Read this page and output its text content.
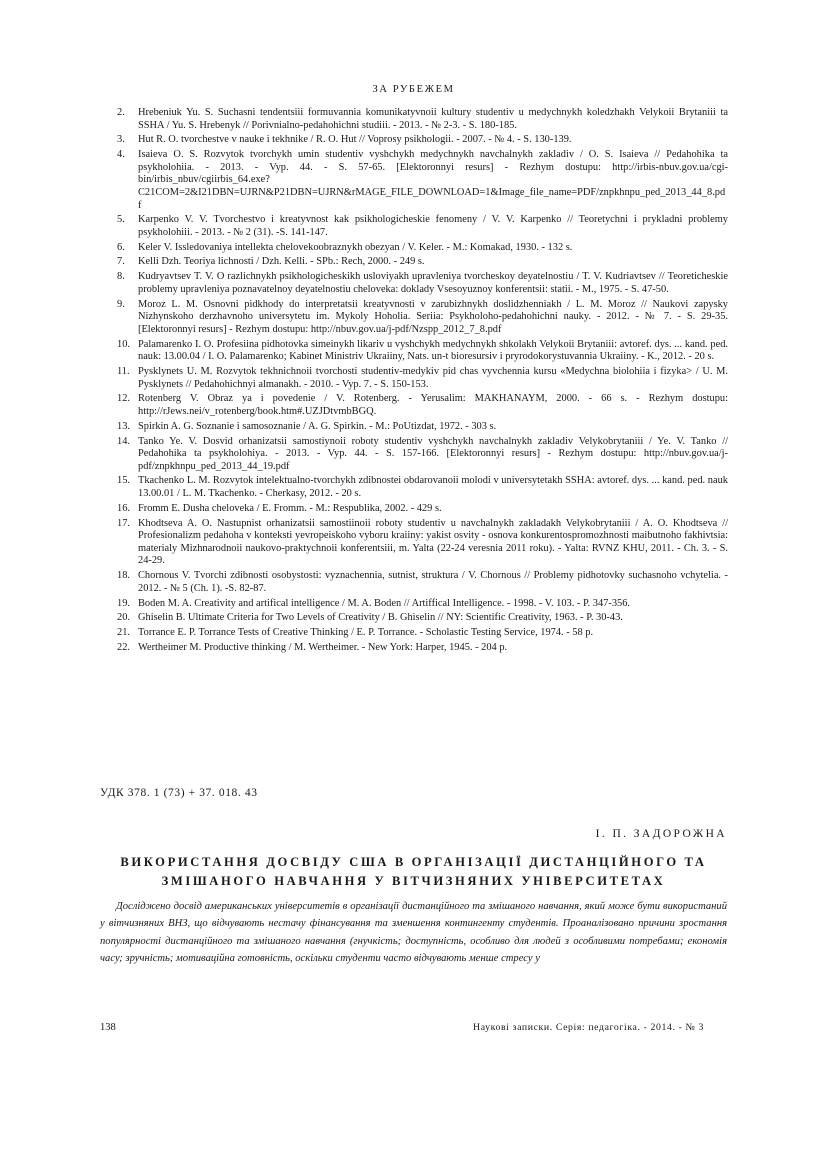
ЗА РУБЕЖЕМ
2. Hrebeniuk Yu. S. Suchasni tendentsiii formuvannia komunikatyvnoii kultury studentiv u medychnykh koledzhakh Velykoii Brytaniii ta SSHA / Yu. S. Hrebenyk // Porivnialno-pedahohichni studiii. - 2013. - № 2-3. - S. 180-185.
3. Hut R. O. tvorchestve v nauke i tekhnike / R. O. Hut // Voprosy psikhologii. - 2007. - № 4. - S. 130-139.
4. Isaieva O. S. Rozvytok tvorchykh umin studentiv vyshchykh medychnykh navchalnykh zakladiv / O. S. Isaieva // Pedahohika ta psykholohiia. - 2013. - Vyp. 44. - S. 57-65. [Elektoronnyi resurs] - Rezhym dostupu: http://irbis-nbuv.gov.ua/cgi-bin/irbis_nbuv/cgiirbis_64.exe?C21COM=2&I21DBN=UJRN&P21DBN=UJRN&rMAGE_FILE_DOWNLOAD=1&Image_file_name=PDF/znpkhnpu_ped_2013_44_8.pdf
5. Karpenko V. V. Tvorchestvo i kreatyvnost kak psikhologicheskie fenomeny / V. V. Karpenko // Teoretychni i prykladni problemy psykholohiii. - 2013. - № 2 (31). -S. 141-147.
6. Keler V. Issledovaniya intellekta chelovekoobraznykh obezyan / V. Keler. - M.: Komakad, 1930. - 132 s.
7. Kelli Dzh. Teoriya lichnosti / Dzh. Kelli. - SPb.: Rech, 2000. - 249 s.
8. Kudryavtsev T. V. O razlichnykh psikhologicheskikh usloviyakh upravleniya tvorcheskoy deyatelnostiu / T. V. Kudriavtsev // Teoreticheskie problemy upravleniya poznavatelnoy deyatelnostiu cheloveka: doklady Vsesoyuznoy konferentsii: statii. - M., 1975. - S. 47-50.
9. Moroz L. M. Osnovni pidkhody do interpretatsii kreatyvnosti v zarubizhnykh doslidzhenniakh / L. M. Moroz // Naukovi zapysky Nizhynskoho derzhavnoho universytetu im. Mykoly Hoholia. Seriia: Psykholoho-pedahohichni nauky. - 2012. - № 7. - S. 29-35. [Elektoronnyi resurs] - Rezhym dostupu: http://nbuv.gov.ua/j-pdf/Nzspp_2012_7_8.pdf
10. Palamarenko I. O. Profesiina pidhotovka simeinykh likariv u vyshchykh medychnykh shkolakh Velykoii Brytaniii: avtoref. dys. ... kand. ped. nauk: 13.00.04 / I. O. Palamarenko; Kabinet Ministriv Ukraiiny, Nats. un-t bioresursiv i pryrodokorystuvannia Ukraiiny. - K., 2012. - 20 s.
11. Pysklynets U. M. Rozvytok tekhnichnoii tvorchosti studentiv-medykiv pid chas vyvchennia kursu «Medychna biolohiia i fizyka> / U. M. Pysklynets // Pedahohichnyi almanakh. - 2010. - Vyp. 7. - S. 150-153.
12. Rotenberg V. Obraz ya i povedenie / V. Rotenberg. - Yerusalim: MAKHANAYM, 2000. - 66 s. - Rezhym dostupu: http://rJews.nei/v_rotenberg/book.htm#.UZJDtvmbBGQ.
13. Spirkin A. G. Soznanie i samosoznanie / A. G. Spirkin. - M.: PoUtizdat, 1972. - 303 s.
14. Tanko Ye. V. Dosvid orhanizatsii samostiynoii roboty studentiv vyshchykh navchalnykh zakladiv Velykobrytaniii / Ye. V. Tanko // Pedahohika ta psykholohiya. - 2013. - Vyp. 44. - S. 157-166. [Elektoronnyi resurs] - Rezhym dostupu: http://nbuv.gov.ua/j-pdf/znpkhnpu_ped_2013_44_19.pdf
15. Tkachenko L. M. Rozvytok intelektualno-tvorchykh zdibnostei obdarovanoii molodi v universytetakh SSHA: avtoref. dys. ... kand. ped. nauk 13.00.01 / L. M. Tkachenko. - Cherkasy, 2012. - 20 s.
16. Fromm E. Dusha cheloveka / E. Fromm. - M.: Respublika, 2002. - 429 s.
17. Khodtseva A. O. Nastupnist orhanizatsii samostiinoii roboty studentiv u navchalnykh zakladakh Velykobrytaniii / A. O. Khodtseva // Profesionalizm pedahoha v konteksti yevropeiskoho vyboru kraiiny: yakist osvity - osnova konkurentospromozhnosti maibutnoho fakhivtsia: materialy Mizhnarodnoii naukovo-praktychnoii konferentsiii, m. Yalta (22-24 veresnia 2011 roku). - Yalta: RVNZ KHU, 2011. - Ch. 3. - S. 24-29.
18. Chornous V. Tvorchi zdibnosti osobystosti: vyznachennia, sutnist, struktura / V. Chornous // Problemy pidhotovky suchasnoho vchytelia. - 2012. - № 5 (Ch. 1). -S. 82-87.
19. Boden M. A. Creativity and artifical intelligence / M. A. Boden // Artiffical Intelligence. - 1998. - V. 103. - P. 347-356.
20. Ghiselin B. Ultimate Criteria for Two Levels of Creativity / B. Ghiselin // NY: Scientific Creativity, 1963. - P. 30-43.
21. Torrance E. P. Torrance Tests of Creative Thinking / E. P. Torrance. - Scholastic Testing Service, 1974. - 58 p.
22. Wertheimer M. Productive thinking / M. Wertheimer. - New York: Harper, 1945. - 204 p.
УДК 378. 1 (73) + 37. 018. 43
І. П. ЗАДОРОЖНА
ВИКОРИСТАННЯ ДОСВІДУ США В ОРГАНІЗАЦІЇ ДИСТАНЦІЙНОГО ТА
ЗМІШАНОГО НАВЧАННЯ У ВІТЧИЗНЯНИХ УНІВЕРСИТЕТАХ

Досліджено досвід американських університетів в організації дистанційного та змішаного навчання, який може бути використаний у вітчизняних ВНЗ, що відчувають нестачу фінансування та зменшення контингенту студентів. Проаналізовано причини зростання популярності дистанційного та змішаного навчання (гнучкість; доступність, особливо для людей з особливими потребами; економія часу; зручність; мотиваційна готовність, оскільки студенти часто відчувають менше стресу у

138	Наукові записки. Серія: педагогіка. - 2014. - № 3
